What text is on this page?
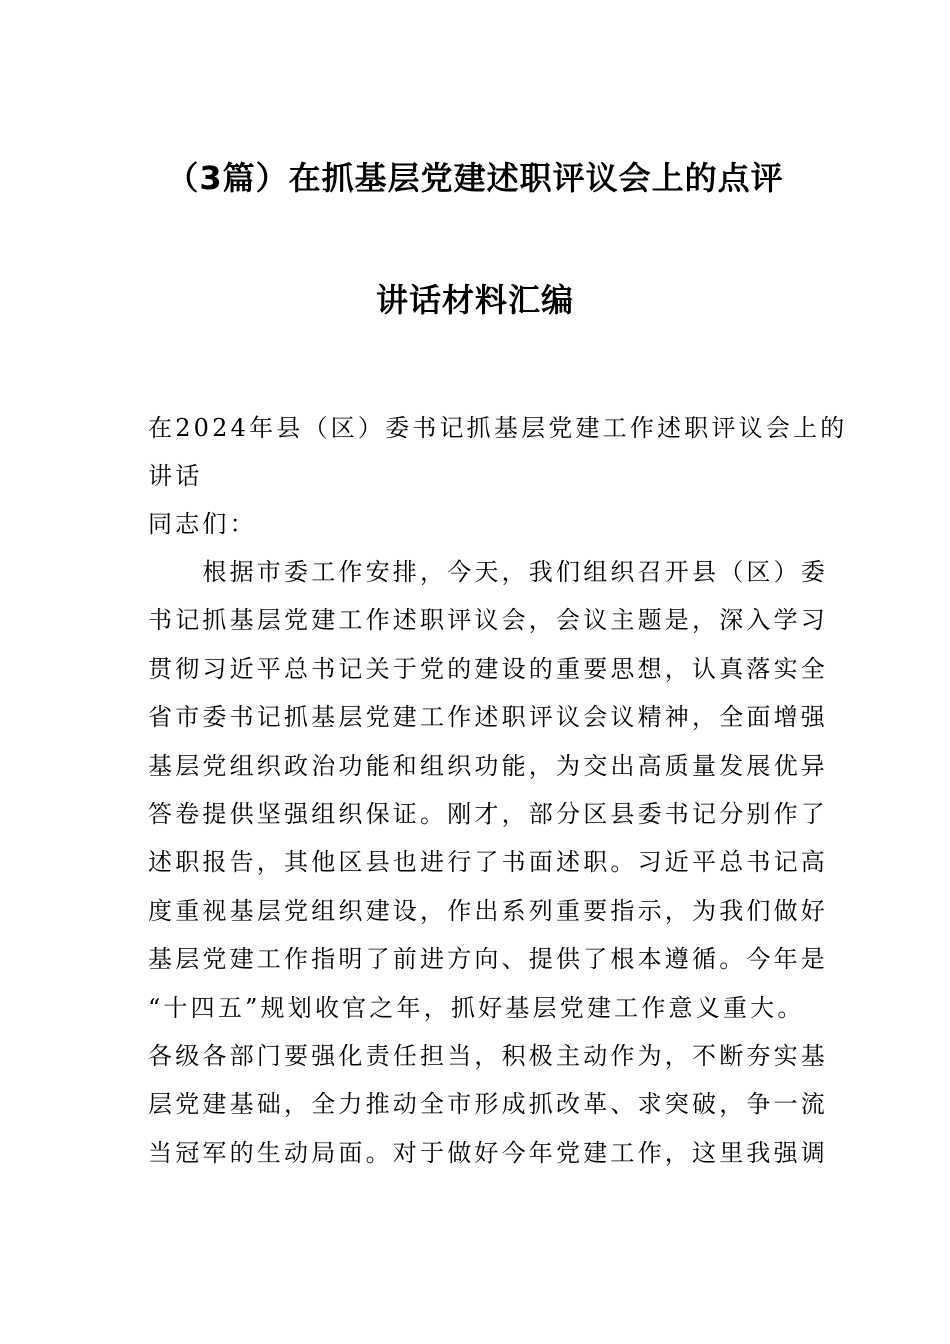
（3篇）在抓基层党建述职评议会上的点评
讲话材料汇编
在2024年县（区）委书记抓基层党建工作述职评议会上的
讲话
同志们：
　　根据市委工作安排，今天，我们组织召开县（区）委
书记抓基层党建工作述职评议会，会议主题是，深入学习
贯彻习近平总书记关于党的建设的重要思想，认真落实全
省市委书记抓基层党建工作述职评议会议精神，全面增强
基层党组织政治功能和组织功能，为交出高质量发展优异
答卷提供坚强组织保证。刚才，部分区县委书记分别作了
述职报告，其他区县也进行了书面述职。习近平总书记高
度重视基层党组织建设，作出系列重要指示，为我们做好
基层党建工作指明了前进方向、提供了根本遵循。今年是
“十四五”规划收官之年，抓好基层党建工作意义重大。
各级各部门要强化责任担当，积极主动作为，不断夯实基
层党建基础，全力推动全市形成抓改革、求突破，争一流
当冠军的生动局面。对于做好今年党建工作，这里我强调
